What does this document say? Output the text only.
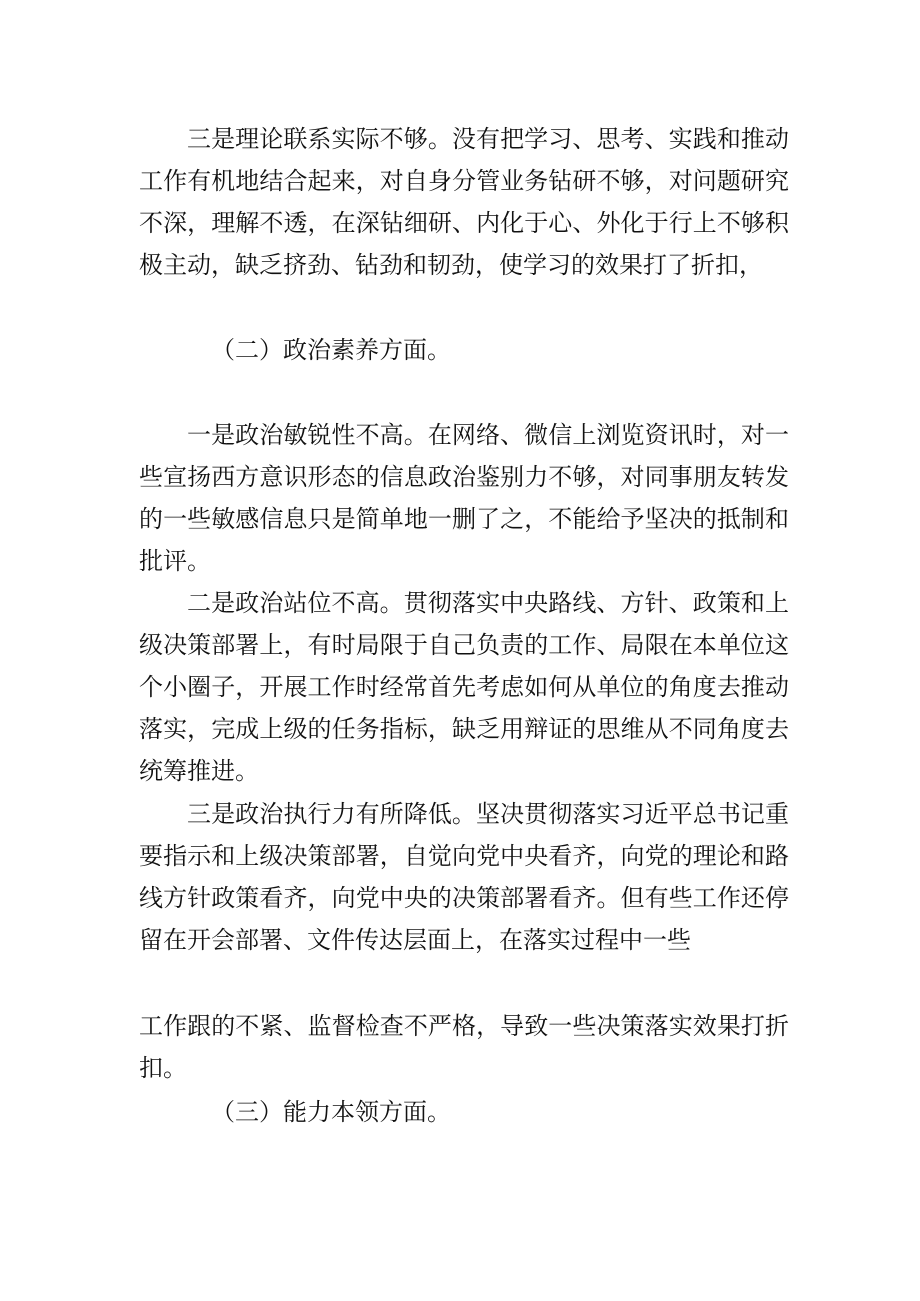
三是理论联系实际不够。没有把学习、思考、实践和推动工作有机地结合起来，对自身分管业务钻研不够，对问题研究不深，理解不透，在深钻细研、内化于心、外化于行上不够积极主动，缺乏挤劲、钻劲和韧劲，使学习的效果打了折扣，

（二）政治素养方面。

一是政治敏锐性不高。在网络、微信上浏览资讯时，对一些宣扬西方意识形态的信息政治鉴别力不够，对同事朋友转发的一些敏感信息只是简单地一删了之，不能给予坚决的抵制和批评。

二是政治站位不高。贯彻落实中央路线、方针、政策和上级决策部署上，有时局限于自己负责的工作、局限在本单位这个小圈子，开展工作时经常首先考虑如何从单位的角度去推动落实，完成上级的任务指标，缺乏用辩证的思维从不同角度去统筹推进。

三是政治执行力有所降低。坚决贯彻落实习近平总书记重要指示和上级决策部署，自觉向党中央看齐，向党的理论和路线方针政策看齐，向党中央的决策部署看齐。但有些工作还停留在开会部署、文件传达层面上，在落实过程中一些

工作跟的不紧、监督检查不严格，导致一些决策落实效果打折扣。

（三）能力本领方面。
